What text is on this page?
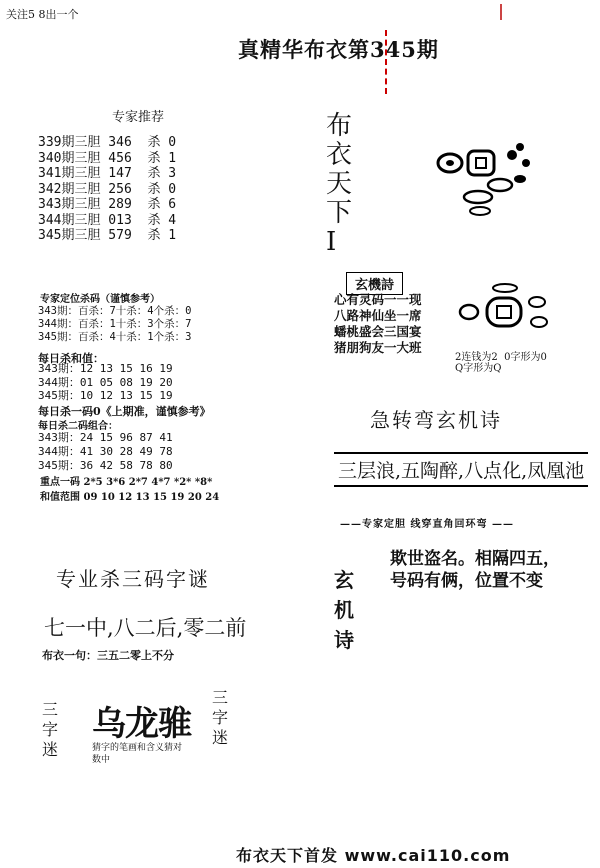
关注5 8出一个
真精华布衣第345期
专家推荐
339期三胆 346  杀 0
340期三胆 456  杀 1
341期三胆 147  杀 3
342期三胆 256  杀 0
343期三胆 289  杀 6
344期三胆 013  杀 4
345期三胆 579  杀 1
专家定位杀码（谨慎参考）
343期：百杀：7十杀：4个杀：0
344期：百杀：1十杀：3个杀：7
345期：百杀：4十杀：1个杀：3
每日杀和值：
343期：12 13 15 16 19
344期：01 05 08 19 20
345期：10 12 13 15 19
每日杀一码0《上期准，谨慎参考》
每日杀二码组合：
343期：24 15 96 87 41
344期：41 30 28 49 78
345期：36 42 58 78 80
重点一码 2*5 3*6 2*7 4*7 *2* *8*
和值范围 09 10 12 13 15 19 20 24
专业杀三码字谜
七一中,八二后,零二前
布衣一句：三五二零上不分
三字迷
乌龙骓
猜字的笔画和含义猜对数中
三字迷
布衣天下I
玄機詩
心有灵码一一现
八路神仙坐一席
蟠桃盛会三国宴
猪朋狗友一大班
2连钱为2  0字形为0
Q字形为Q
急转弯玄机诗
三层浪,五陶醉,八点化,凤凰池
——专家定胆 线穿直角回环弯 ——
玄机诗
欺世盗名。相隔四五，
号码有俩，位置不变
布衣天下首发 www.cai110.com
